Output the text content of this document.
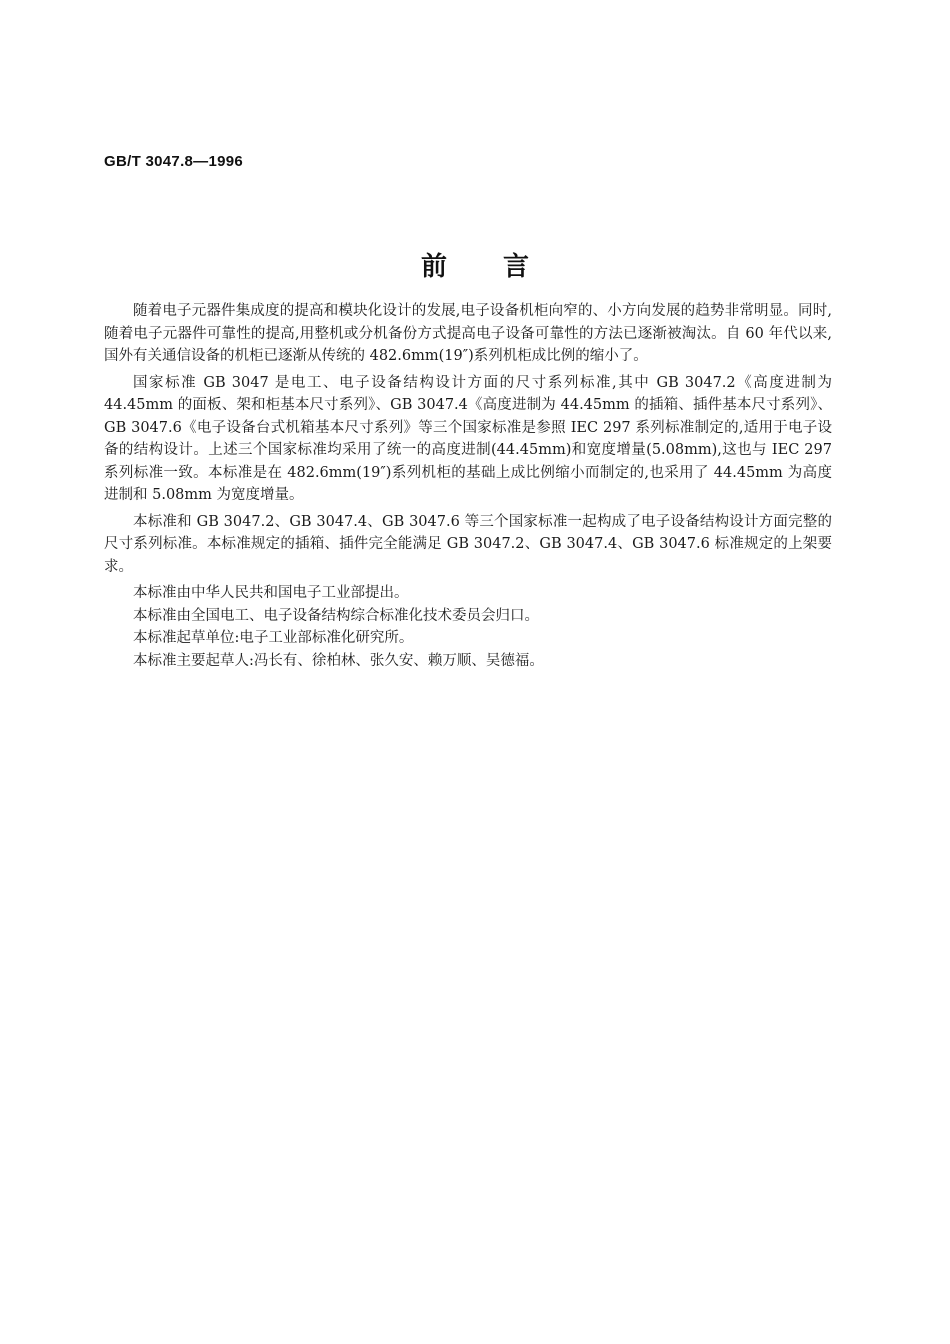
GB/T 3047.8—1996
前言

随着电子元器件集成度的提高和模块化设计的发展,电子设备机柜向窄的、小方向发展的趋势非常明显。同时,随着电子元器件可靠性的提高,用整机或分机备份方式提高电子设备可靠性的方法已逐渐被淘汰。自 60 年代以来,国外有关通信设备的机柜已逐渐从传统的 482.6mm(19″)系列机柜成比例的缩小了。

国家标准 GB 3047 是电工、电子设备结构设计方面的尺寸系列标准,其中 GB 3047.2《高度进制为 44.45mm 的面板、架和柜基本尺寸系列》、GB 3047.4《高度进制为 44.45mm 的插箱、插件基本尺寸系列》、GB 3047.6《电子设备台式机箱基本尺寸系列》等三个国家标准是参照 IEC 297 系列标准制定的,适用于电子设备的结构设计。上述三个国家标准均采用了统一的高度进制(44.45mm)和宽度增量(5.08mm),这也与 IEC 297 系列标准一致。本标准是在 482.6mm(19″)系列机柜的基础上成比例缩小而制定的,也采用了 44.45mm 为高度进制和 5.08mm 为宽度增量。

本标准和 GB 3047.2、GB 3047.4、GB 3047.6 等三个国家标准一起构成了电子设备结构设计方面完整的尺寸系列标准。本标准规定的插箱、插件完全能满足 GB 3047.2、GB 3047.4、GB 3047.6 标准规定的上架要求。

本标准由中华人民共和国电子工业部提出。

本标准由全国电工、电子设备结构综合标准化技术委员会归口。

本标准起草单位:电子工业部标准化研究所。

本标准主要起草人:冯长有、徐柏林、张久安、赖万顺、吴德福。
